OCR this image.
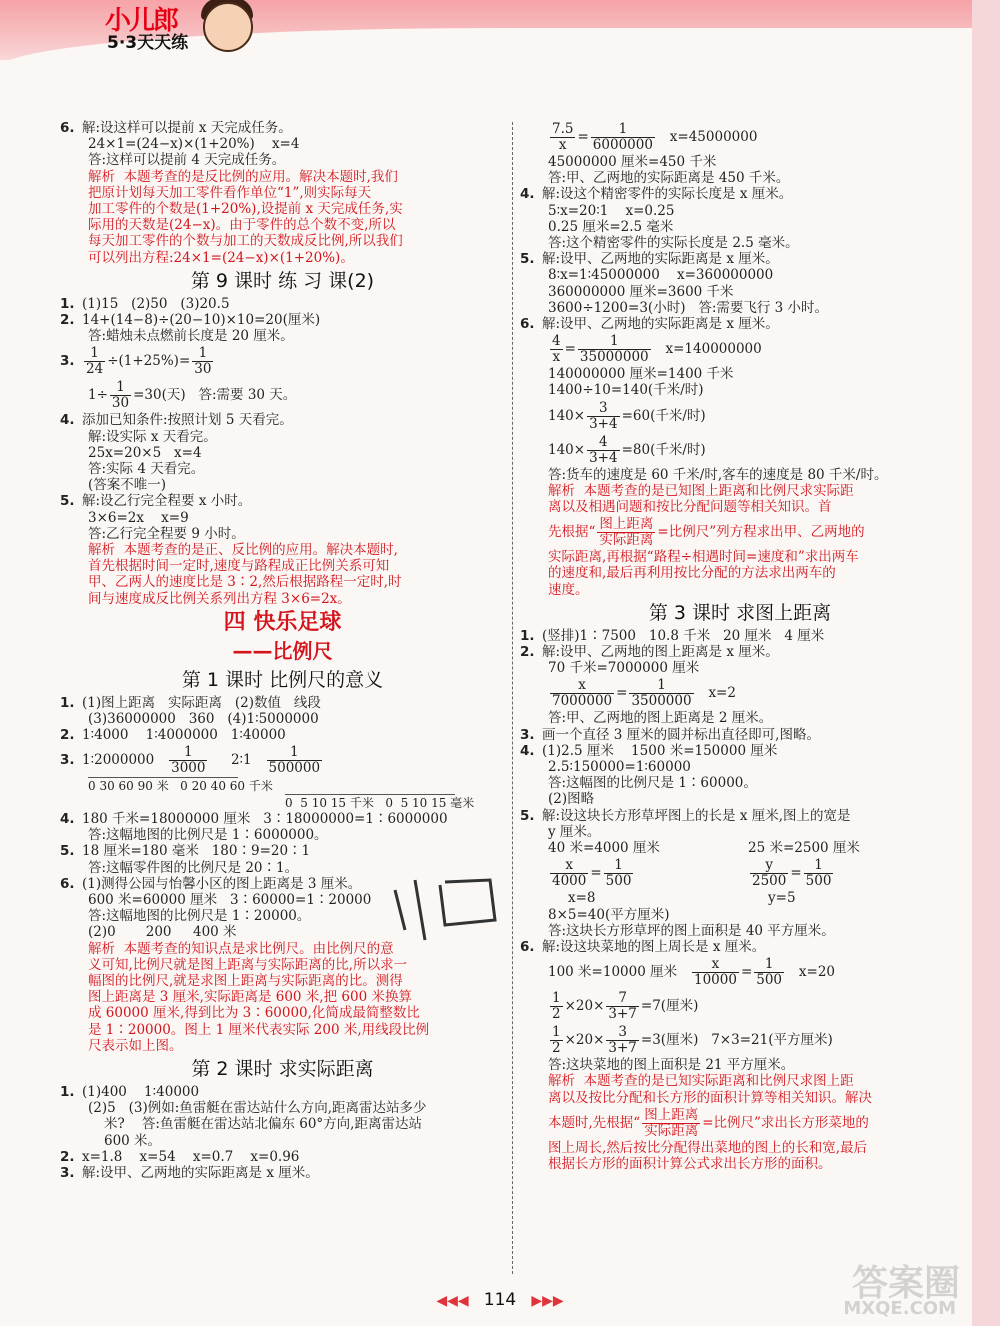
小儿郎
5·3天天练
6. 解:设这样可以提前 x 天完成任务。
24×1=(24−x)×(1+20%)    x=4
答:这样可以提前 4 天完成任务。
解析  本题考查的是反比例的应用。解决本题时,我们
把原计划每天加工零件看作单位“1”,则实际每天
加工零件的个数是(1+20%),设提前 x 天完成任务,实
际用的天数是(24−x)。由于零件的总个数不变,所以
每天加工零件的个数与加工的天数成反比例,所以我们
可以列出方程:24×1=(24−x)×(1+20%)。
第 9 课时 练 习 课(2)
1. (1)15   (2)50   (3)20.5
2. 14+(14−8)÷(20−10)×10=20(厘米)
答:蜡烛未点燃前长度是 20 厘米。
3. $\frac{1}{24} \div(1+25\%)= \frac{1}{30}$
$1\div \frac{1}{30} =30$(天)   答:需要 30 天。
4. 添加已知条件:按照计划 5 天看完。
解:设实际 x 天看完。
25x=20×5   x=4
答:实际 4 天看完。
(答案不唯一)
5. 解:设乙行完全程要 x 小时。
3×6=2x    x=9
答:乙行完全程要 9 小时。
解析  本题考查的是正、反比例的应用。解决本题时,
首先根据时间一定时,速度与路程成正比例关系可知
甲、乙两人的速度比是 3∶2,然后根据路程一定时,时
间与速度成反比例关系列出方程 3×6=2x。
四 快乐足球
——比例尺
第 1 课时 比例尺的意义
1. (1)图上距离   实际距离   (2)数值   线段
(3)36000000   360   (4)1∶5000000
2. 1∶4000    1∶4000000   1∶40000
3. 1∶2000000 $\frac{1}{3000}$ 2∶1 $\frac{1}{500000}$
0 30 60 90 米   0 20 40 60 千米 0  5 10 15 千米   0  5 10 15 毫米
4. 180 千米=18000000 厘米   3∶18000000=1∶6000000
答:这幅地图的比例尺是 1∶6000000。
5. 18 厘米=180 毫米   180∶9=20∶1
答:这幅零件图的比例尺是 20∶1。
6. (1)测得公园与怡馨小区的图上距离是 3 厘米。
600 米=60000 厘米   3∶60000=1∶20000
答:这幅地图的比例尺是 1∶20000。
(2)0       200     400 米
解析  本题考查的知识点是求比例尺。由比例尺的意
义可知,比例尺就是图上距离与实际距离的比,所以求一
幅图的比例尺,就是求图上距离与实际距离的比。测得
图上距离是 3 厘米,实际距离是 600 米,把 600 米换算
成 60000 厘米,得到比为 3∶60000,化简成最简整数比
是 1∶20000。图上 1 厘米代表实际 200 米,用线段比例
尺表示如上图。
第 2 课时 求实际距离
1. (1)400    1∶40000
(2)5   (3)例如:鱼雷艇在雷达站什么方向,距离雷达站多少
米?    答:鱼雷艇在雷达站北偏东 60°方向,距离雷达站
600 米。
2. x=1.8    x=54    x=0.7    x=0.96
3. 解:设甲、乙两地的实际距离是 x 厘米。
$\frac{7.5}{x} = \frac{1}{6000000} x=45000000$
45000000 厘米=450 千米
答:甲、乙两地的实际距离是 450 千米。
4. 解:设这个精密零件的实际长度是 x 厘米。
5∶x=20∶1    x=0.25
0.25 厘米=2.5 毫米
答:这个精密零件的实际长度是 2.5 毫米。
5. 解:设甲、乙两地的实际距离是 x 厘米。
8∶x=1∶45000000    x=360000000
360000000 厘米=3600 千米
3600÷1200=3(小时)   答:需要飞行 3 小时。
6. 解:设甲、乙两地的实际距离是 x 厘米。
$\frac{4}{x} = \frac{1}{35000000} x=140000000$
140000000 厘米=1400 千米
1400÷10=140(千米/时)
$140\times \frac{3}{3+4} =60$(千米/时)
$140\times \frac{4}{3+4} =80$(千米/时)
答:货车的速度是 60 千米/时,客车的速度是 80 千米/时。
解析  本题考查的是已知图上距离和比例尺求实际距
离以及相遇问题和按比分配问题等相关知识。首
先根据“ $\frac{\text{图上距离}}{\text{实际距离}}$ =比例尺”列方程求出甲、乙两地的
实际距离,再根据“路程÷相遇时间=速度和”求出两车
的速度和,最后再利用按比分配的方法求出两车的
速度。
第 3 课时 求图上距离
1. (竖排)1∶7500   10.8 千米   20 厘米   4 厘米
2. 解:设甲、乙两地的图上距离是 x 厘米。
70 千米=7000000 厘米
$\frac{x}{7000000} = \frac{1}{3500000} x=2$
答:甲、乙两地的图上距离是 2 厘米。
3. 画一个直径 3 厘米的圆并标出直径即可,图略。
4. (1)2.5 厘米    1500 米=150000 厘米
2.5∶150000=1∶60000
答:这幅图的比例尺是 1∶60000。
(2)图略
5. 解:设这块长方形草坪图上的长是 x 厘米,图上的宽是
y 厘米。
40 米=4000 厘米	25 米=2500 厘米
$\frac{x}{4000} = \frac{1}{500}$	$\frac{y}{2500} = \frac{1}{500}$
x=8	y=5
8×5=40(平方厘米)
答:这块长方形草坪的图上面积是 40 平方厘米。
6. 解:设这块菜地的图上周长是 x 厘米。
100 米=10000 厘米 $\frac{x}{10000} = \frac{1}{500} x=20$
$\frac{1}{2} \times 20\times \frac{7}{3+7} =7$(厘米)
$\frac{1}{2} \times 20\times \frac{3}{3+7} =3$(厘米)   7×3=21(平方厘米)
答:这块菜地的图上面积是 21 平方厘米。
解析  本题考查的是已知实际距离和比例尺求图上距
离以及按比分配和长方形的面积计算等相关知识。解决
本题时,先根据“ $\frac{\text{图上距离}}{\text{实际距离}}$ =比例尺”求出长方形菜地的
图上周长,然后按比分配得出菜地的图上的长和宽,最后
根据长方形的面积计算公式求出长方形的面积。
◀◀◀ 114 ▶▶▶	答案圈
MXQE.COM
